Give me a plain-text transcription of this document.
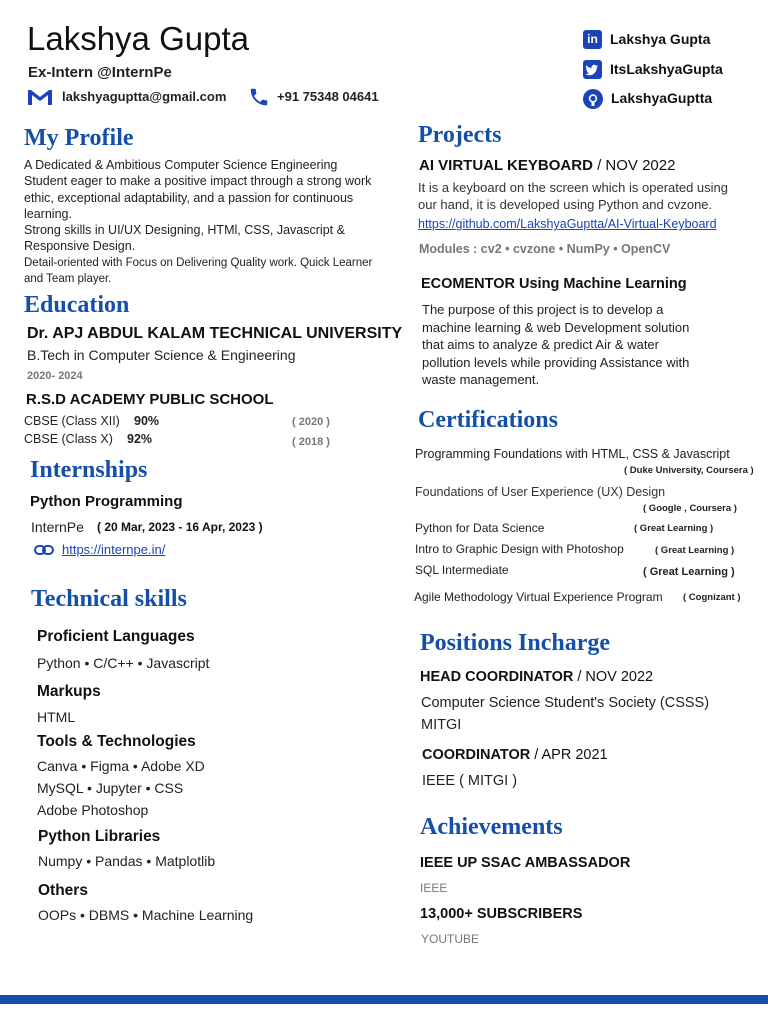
Lakshya Gupta
Ex-Intern @InternPe
lakshyaguptta@gmail.com	+91 75348 04641
in Lakshya Gupta
ItsLakshyaGupta
LakshyaGuptta
My Profile
A Dedicated & Ambitious Computer Science Engineering
Student eager to make a positive impact through a strong work
ethic, exceptional adaptability, and a passion for continuous
learning.
Strong skills in UI/UX Designing, HTMl, CSS, Javascript &
Responsive Design.
Detail-oriented with Focus on Delivering Quality work. Quick Learner
and Team player.
Education
Dr. APJ ABDUL KALAM TECHNICAL UNIVERSITY
B.Tech in Computer Science & Engineering
2020- 2024
R.S.D ACADEMY PUBLIC SCHOOL
CBSE (Class XII) 90%	( 2020 )
CBSE (Class X) 92%	( 2018 )
Internships
Python Programming
InternPe ( 20 Mar, 2023 - 16 Apr, 2023 )
https://internpe.in/
Technical skills
Proficient Languages
Python • C/C++ • Javascript
Markups
HTML
Tools & Technologies
Canva • Figma • Adobe XD
MySQL • Jupyter • CSS
Adobe Photoshop
Python Libraries
Numpy • Pandas • Matplotlib
Others
OOPs • DBMS • Machine Learning
Projects
AI VIRTUAL KEYBOARD / NOV 2022
It is a keyboard on the screen which is operated using
our hand, it is developed using Python and cvzone.
https://github.com/LakshyaGuptta/AI-Virtual-Keyboard
Modules : cv2 • cvzone • NumPy • OpenCV
ECOMENTOR Using Machine Learning
The purpose of this project is to develop a
machine learning & web Development solution
that aims to analyze & predict Air & water
pollution levels while providing Assistance with
waste management.
Certifications
Programming Foundations with HTML, CSS & Javascript
( Duke University, Coursera )
Foundations of User Experience (UX) Design
( Google , Coursera )
Python for Data Science	( Great Learning )
Intro to Graphic Design with Photoshop	( Great Learning )
SQL Intermediate	( Great Learning )
Agile Methodology Virtual Experience Program ( Cognizant )
Positions Incharge
HEAD COORDINATOR / NOV 2022
Computer Science Student's Society (CSSS)
MITGI
COORDINATOR / APR 2021
IEEE ( MITGI )
Achievements
IEEE UP SSAC AMBASSADOR
IEEE
13,000+ SUBSCRIBERS
YOUTUBE
